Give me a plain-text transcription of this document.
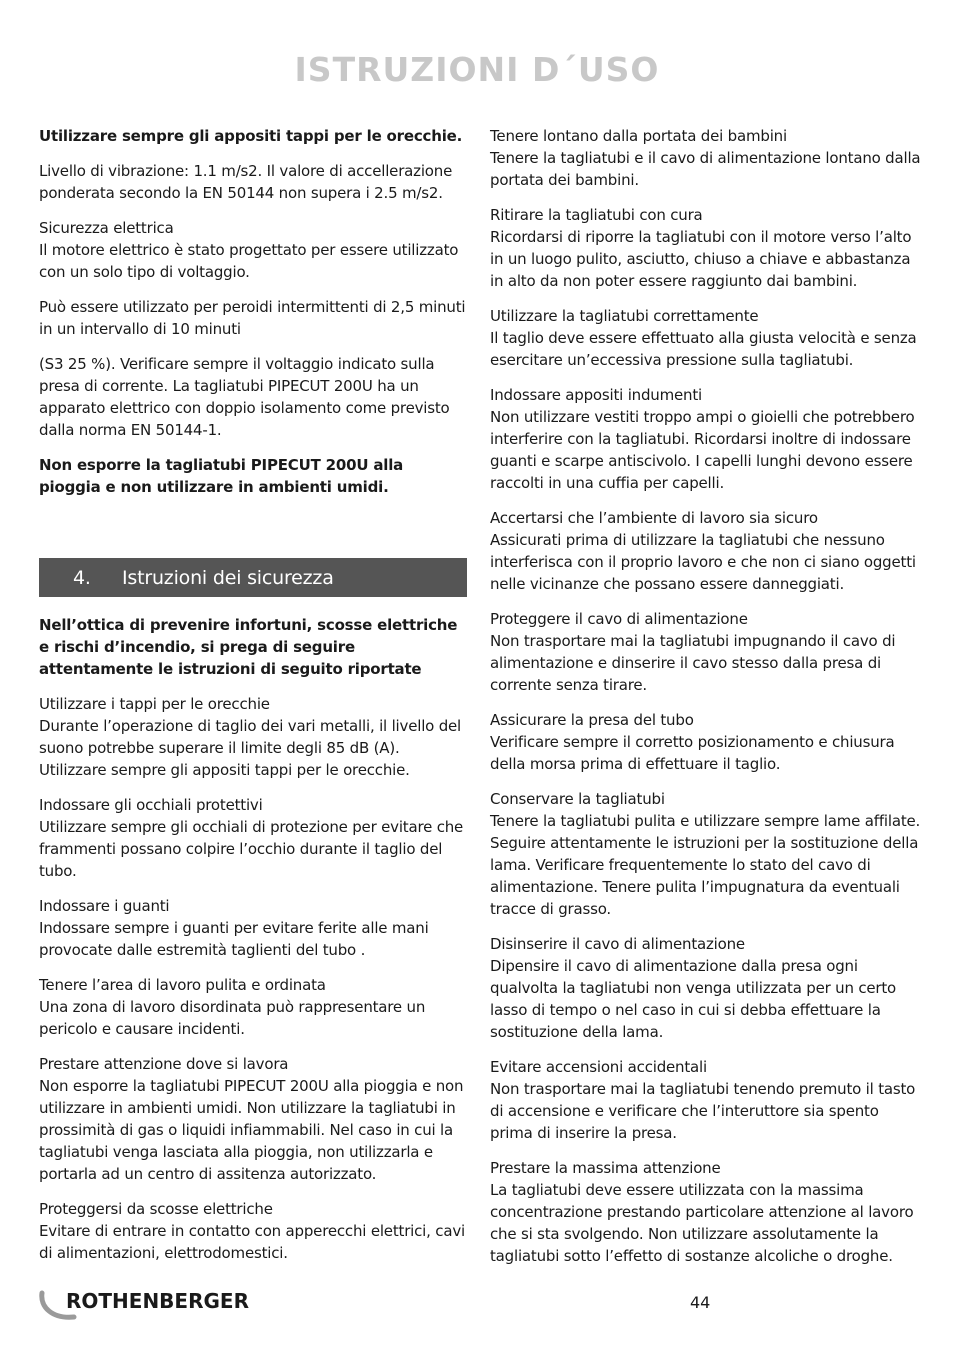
ISTRUZIONI D´USO

Utilizzare sempre gli appositi tappi per le orecchie.

Livello di vibrazione: 1.1 m/s2. Il valore di accellerazione ponderata secondo la EN 50144 non supera i 2.5 m/s2.

Sicurezza elettrica
Il motore elettrico è stato progettato per essere utilizzato con un solo tipo di voltaggio.

Può essere utilizzato per peroidi intermittenti di 2,5 minuti in un intervallo di 10 minuti

(S3 25 %). Verificare sempre il voltaggio indicato sulla presa di corrente. La tagliatubi PIPECUT 200U ha un apparato elettrico con doppio isolamento come previsto dalla norma EN 50144-1.

Non esporre la tagliatubi PIPECUT 200U alla pioggia e non utilizzare in ambienti umidi.

4.	Istruzioni dei sicurezza

Nell’ottica di prevenire infortuni, scosse elettriche e rischi d’incendio, si prega di seguire attentamente le istruzioni di seguito riportate

Utilizzare i tappi per le orecchie
Durante l’operazione di taglio dei vari metalli, il livello del suono potrebbe superare il limite degli 85 dB (A). Utilizzare sempre gli appositi tappi per le orecchie.

Indossare gli occhiali protettivi
Utilizzare sempre gli occhiali di protezione per evitare che frammenti possano colpire l’occhio durante il taglio del tubo.

Indossare i guanti
Indossare sempre i guanti per evitare ferite alle mani provocate dalle estremità taglienti del tubo .

Tenere l’area di lavoro pulita e ordinata
Una zona di lavoro disordinata può rappresentare un pericolo e causare incidenti.

Prestare attenzione dove si lavora
Non esporre la tagliatubi PIPECUT 200U alla pioggia e non utilizzare in ambienti umidi. Non utilizzare la tagliatubi in prossimità di gas o liquidi infiammabili. Nel caso in cui la tagliatubi venga lasciata alla pioggia, non utilizzarla e portarla ad un centro di assitenza autorizzato.

Proteggersi da scosse elettriche
Evitare di entrare in contatto con apperecchi elettrici, cavi di alimentazioni, elettrodomestici.

Tenere lontano dalla portata dei bambini
Tenere la tagliatubi e il cavo di alimentazione lontano dalla portata dei bambini.

Ritirare la tagliatubi con cura
Ricordarsi di riporre la tagliatubi con il motore verso l’alto in un luogo pulito, asciutto, chiuso a chiave e abbastanza in alto da non poter essere raggiunto dai bambini.

Utilizzare la tagliatubi correttamente
Il taglio deve essere effettuato alla giusta velocità e senza esercitare un’eccessiva pressione sulla tagliatubi.

Indossare appositi indumenti
Non utilizzare vestiti troppo ampi o gioielli che potrebbero interferire con la tagliatubi. Ricordarsi inoltre di indossare guanti e scarpe antiscivolo. I capelli lunghi devono essere raccolti in una cuffia per capelli.

Accertarsi che l’ambiente di lavoro sia sicuro
Assicurati prima di utilizzare la tagliatubi che nessuno interferisca con il proprio lavoro e che non ci siano oggetti nelle vicinanze che possano essere danneggiati.

Proteggere il cavo di alimentazione
Non trasportare mai la tagliatubi impugnando il cavo di alimentazione e dinserire il cavo stesso dalla presa di corrente senza tirare.

Assicurare la presa del tubo
Verificare sempre il corretto posizionamento e chiusura della morsa prima di effettuare il taglio.

Conservare la tagliatubi
Tenere la tagliatubi pulita e utilizzare sempre lame affilate. Seguire attentamente le istruzioni per la sostituzione della lama. Verificare frequentemente lo stato del cavo di alimentazione. Tenere pulita l’impugnatura da eventuali tracce di grasso.

Disinserire il cavo di alimentazione
Dipensire il cavo di alimentazione dalla presa ogni qualvolta la tagliatubi non venga utilizzata per un certo lasso di tempo o nel caso in cui si debba effettuare la sostituzione della lama.

Evitare accensioni accidentali
Non trasportare mai la tagliatubi tenendo premuto il tasto di accensione e verificare che l’interuttore sia spento prima di inserire la presa.

Prestare la massima attenzione
La tagliatubi deve essere utilizzata con la massima concentrazione prestando particolare attenzione al lavoro che si sta svolgendo. Non utilizzare assolutamente la tagliatubi sotto l’effetto di sostanze alcoliche o droghe.

ROTHENBERGER	44
